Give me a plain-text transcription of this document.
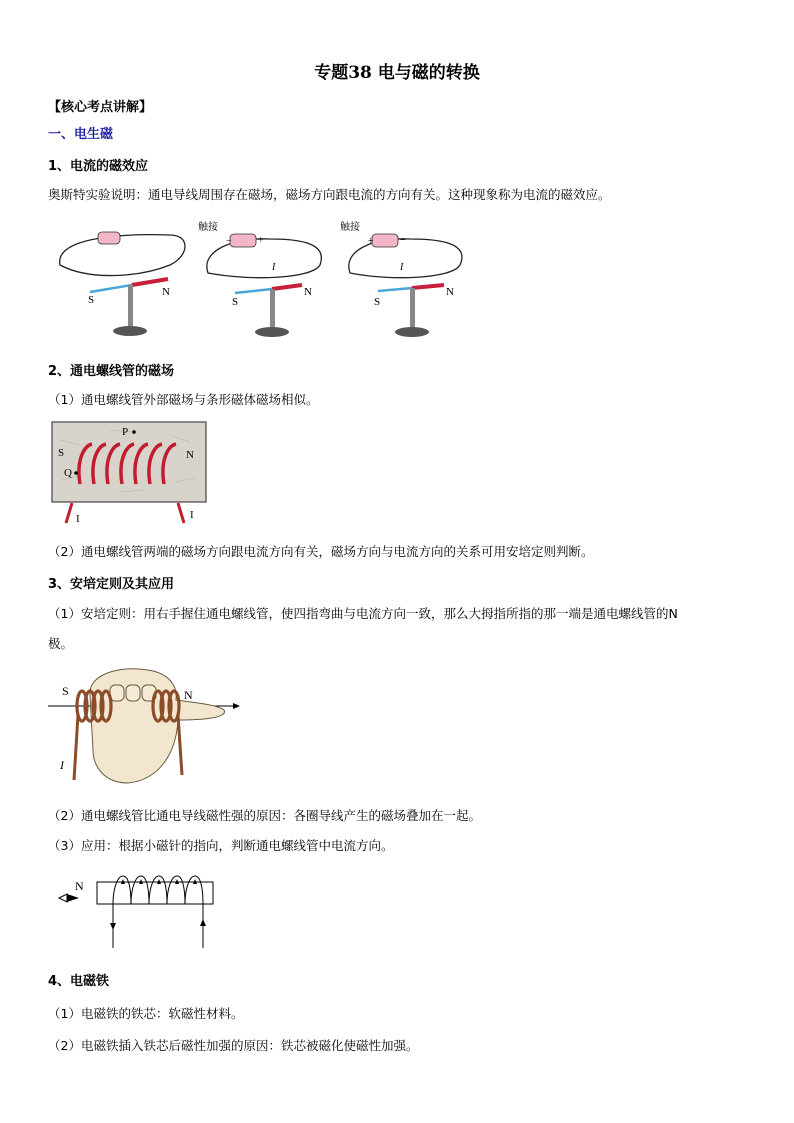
专题38 电与磁的转换
【核心考点讲解】
一、电生磁
1、电流的磁效应
奥斯特实验说明：通电导线周围存在磁场，磁场方向跟电流的方向有关。这种现象称为电流的磁效应。
S
N
触接
−	+
I
S
N
触接
+	−
I
S
N
2、通电螺线管的磁场
（1）通电螺线管外部磁场与条形磁体磁场相似。
P
Q
S	N
I	I
（2）通电螺线管两端的磁场方向跟电流方向有关，磁场方向与电流方向的关系可用安培定则判断。
3、安培定则及其应用
（1）安培定则：用右手握住通电螺线管，使四指弯曲与电流方向一致，那么大拇指所指的那一端是通电螺线管的N
极。
S	N
I
（2）通电螺线管比通电导线磁性强的原因：各圈导线产生的磁场叠加在一起。
（3）应用：根据小磁针的指向，判断通电螺线管中电流方向。
N
4、电磁铁
（1）电磁铁的铁芯：软磁性材料。
（2）电磁铁插入铁芯后磁性加强的原因：铁芯被磁化使磁性加强。
